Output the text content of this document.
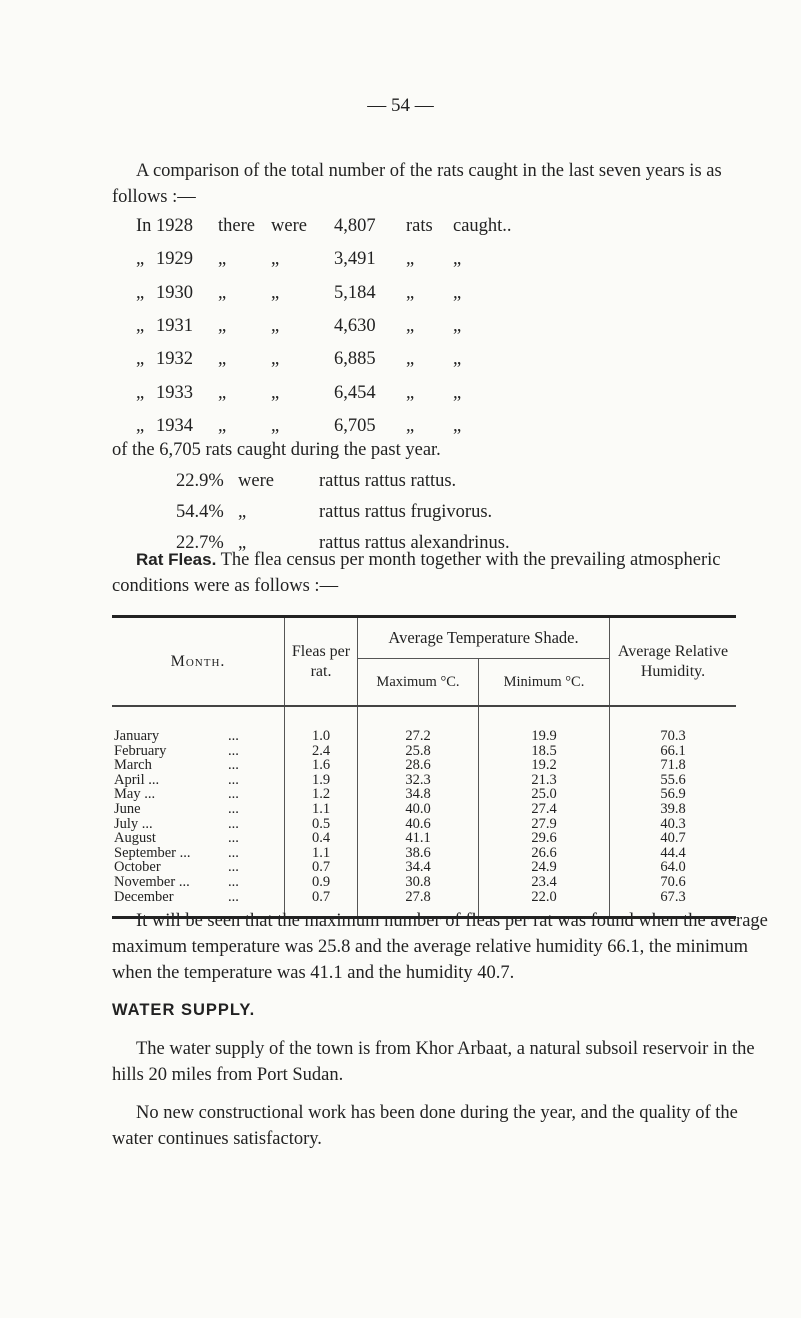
— 54 —
A comparison of the total number of the rats caught in the last seven years is as follows :—
In 1928 there were 4,807 rats caught..
„ 1929 „ „	3,491 „ „
„ 1930 „ „	5,184 „ „
„ 1931 „ „	4,630 „ „
„ 1932 „ „	6,885 „ „
„ 1933 „ „	6,454 „ „
„ 1934 „ „	6,705 „ „
of the 6,705 rats caught during the past year.
22.9% were rattus rattus rattus.
54.4% „	rattus rattus frugivorus.
22.7% „	rattus rattus alexandrinus.
Rat Fleas. The flea census per month together with the prevailing atmospheric conditions were as follows :—
Month.	Fleas per rat.	Average Temperature Shade.		Average Relative Humidity.
		Maximum °C.	Minimum °C.	

January ...	1.0	27.2	19.9	70.3
February ...	2.4	25.8	18.5	66.1
March ...	1.6	28.6	19.2	71.8
April ... ...	1.9	32.3	21.3	55.6
May ... ...	1.2	34.8	25.0	56.9
June ...	1.1	40.0	27.4	39.8
July ... ...	0.5	40.6	27.9	40.3
August ...	0.4	41.1	29.6	40.7
September ... ...	1.1	38.6	26.6	44.4
October ...	0.7	34.4	24.9	64.0
November ... ...	0.9	30.8	23.4	70.6
December ...	0.7	27.8	22.0	67.3

It will be seen that the maximum number of fleas per rat was found when the average maximum temperature was 25.8 and the average relative humidity 66.1, the minimum when the temperature was 41.1 and the humidity 40.7.
WATER SUPPLY.
The water supply of the town is from Khor Arbaat, a natural subsoil reservoir in the hills 20 miles from Port Sudan.
No new constructional work has been done during the year, and the quality of the water continues satisfactory.
